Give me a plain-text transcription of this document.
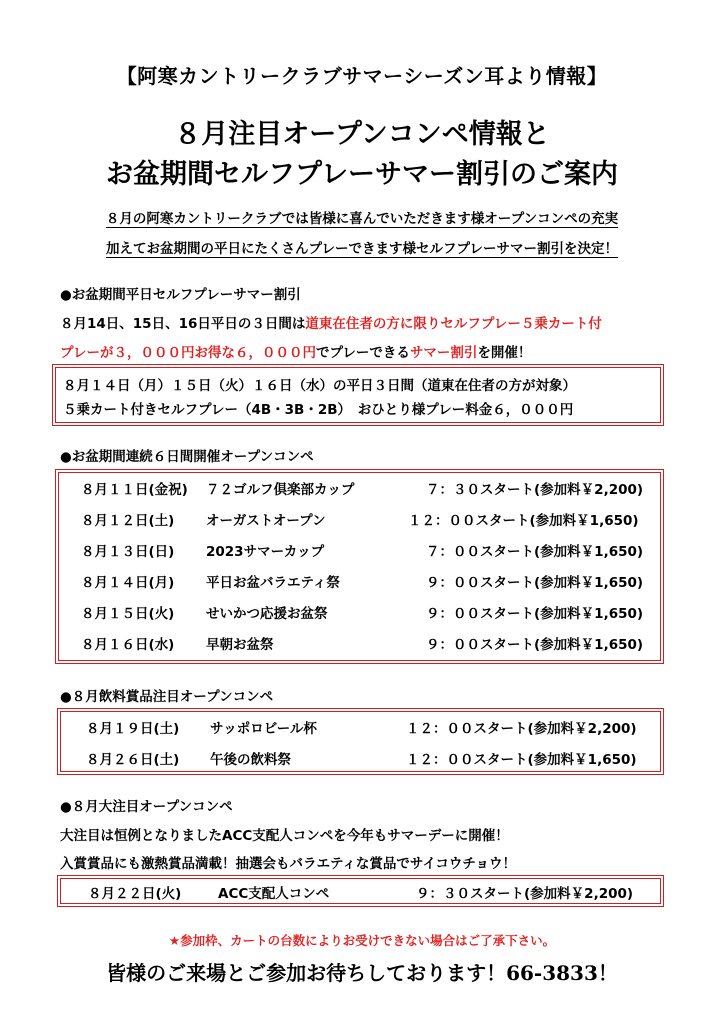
【阿寒カントリークラブサマーシーズン耳より情報】
８月注目オープンコンペ情報と
お盆期間セルフプレーサマー割引のご案内
８月の阿寒カントリークラブでは皆様に喜んでいただきます様オープンコンペの充実
加えてお盆期間の平日にたくさんプレーできます様セルフプレーサマー割引を決定！
●お盆期間平日セルフプレーサマー割引
８月14日、15日、16日平日の３日間は道東在住者の方に限りセルフプレー５乗カート付
プレーが３，０００円お得な６，０００円でプレーできるサマー割引を開催！
８月１４日（月）１５日（火）１６日（水）の平日３日間（道東在住者の方が対象）
５乗カート付きセルフプレー（4B・3B・2B）　おひとり様プレー料金６，０００円
●お盆期間連続６日間開催オープンコンペ
８月１１日(金祝) ７２ゴルフ倶楽部カップ	７：３０スタート(参加料￥2,200)
８月１２日(土) オーガストオープン	１２：００スタート(参加料￥1,650)
８月１３日(日) 2023サマーカップ	７：００スタート(参加料￥1,650)
８月１４日(月) 平日お盆バラエティ祭	９：００スタート(参加料￥1,650)
８月１５日(火) せいかつ応援お盆祭	９：００スタート(参加料￥1,650)
８月１６日(水) 早朝お盆祭	９：００スタート(参加料￥1,650)
●８月飲料賞品注目オープンコンペ
８月１９日(土) サッポロビール杯	１２：００スタート(参加料￥2,200)
８月２６日(土) 午後の飲料祭	１２：００スタート(参加料￥1,650)
●８月大注目オープンコンペ
大注目は恒例となりましたACC支配人コンペを今年もサマーデーに開催！
入賞賞品にも激熱賞品満載！抽選会もバラエティな賞品でサイコウチョウ！
８月２２日(火)	ACC支配人コンペ	９：３０スタート(参加料￥2,200)
★参加枠、カートの台数によりお受けできない場合はご了承下さい。
皆様のご来場とご参加お待ちしております！66-3833！
